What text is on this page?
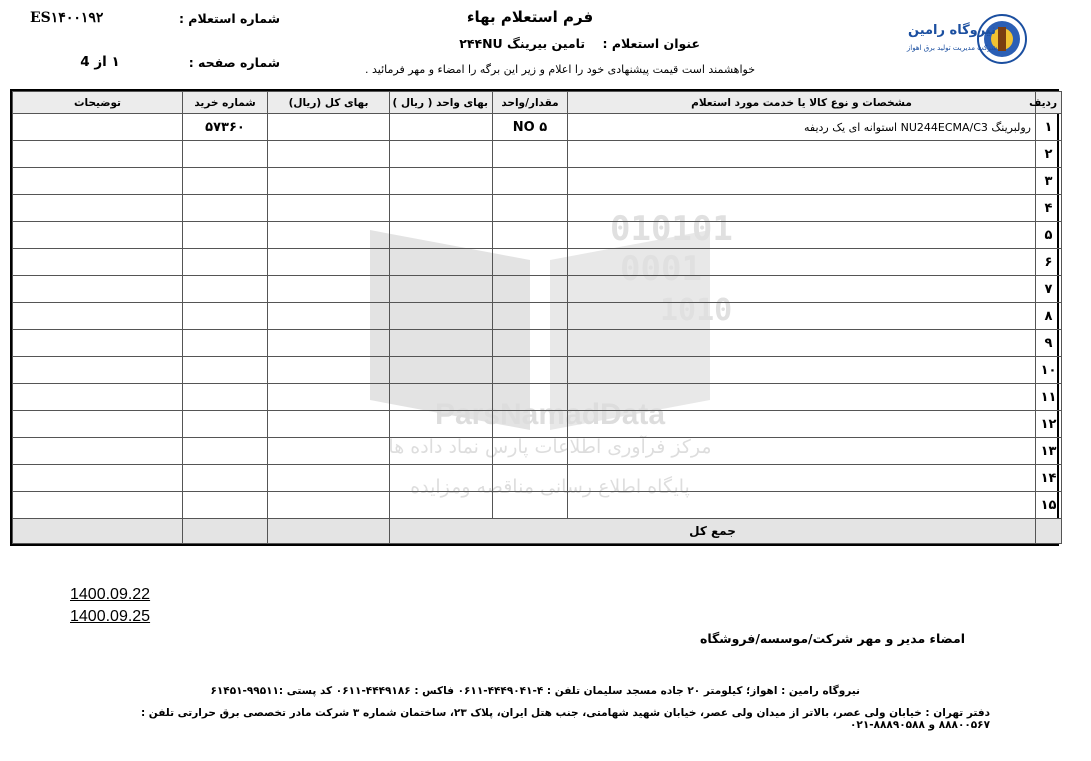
نیروگاه رامین
شرکت مدیریت تولید برق اهواز
فرم استعلام بهاء
عنوان استعلام :    تامین بیرینگ ۲۴۴NU
خواهشمند است قیمت پیشنهادی خود را اعلام و زیر این برگه را امضاء و مهر فرمائید .
شماره استعلام :
ES۱۴۰۰۱۹۲
شماره صفحه :
۱ از 4
010101
0001
1010
ParsNamadData
مرکز فرآوری اطلاعات پارس نماد داده ها
پایگاه اطلاع رسانی مناقصه ومزایده
ردیف	مشخصات و نوع کالا یا خدمت مورد استعلام	مقدار/واحد	بهای واحد ( ریال )	بهای کل (ریال)	شماره خرید	توضیحات
۱	رولبرینگ NU244ECMA/C3 استوانه ای یک ردیفه	NO ۵			۵۷۳۶۰	
۲						
۳						
۴						
۵						
۶						
۷						
۸						
۹						
۱۰						
۱۱						
۱۲						
۱۳						
۱۴						
۱۵						
	جمع کل					
1400.09.22
1400.09.25
امضاء مدیر و مهر شرکت/موسسه/فروشگاه
نیروگاه رامین : اهواز؛ کیلومتر ۲۰ جاده مسجد سلیمان تلفن : ۴-۴۴۴۹۰۴۱-۰۶۱۱ فاکس : ۴۴۴۹۱۸۶-۰۶۱۱ کد پستی :۹۹۵۱۱-۶۱۴۵۱
دفتر تهران : خیابان ولی عصر، بالاتر از میدان ولی عصر، خیابان شهید شهامتی، جنب هتل ایران، پلاک ۲۳، ساختمان شماره ۳ شرکت مادر تخصصی برق حرارتی تلفن : ۸۸۸۰۰۵۶۷ و ۸۸۸۹۰۵۸۸-۰۲۱
